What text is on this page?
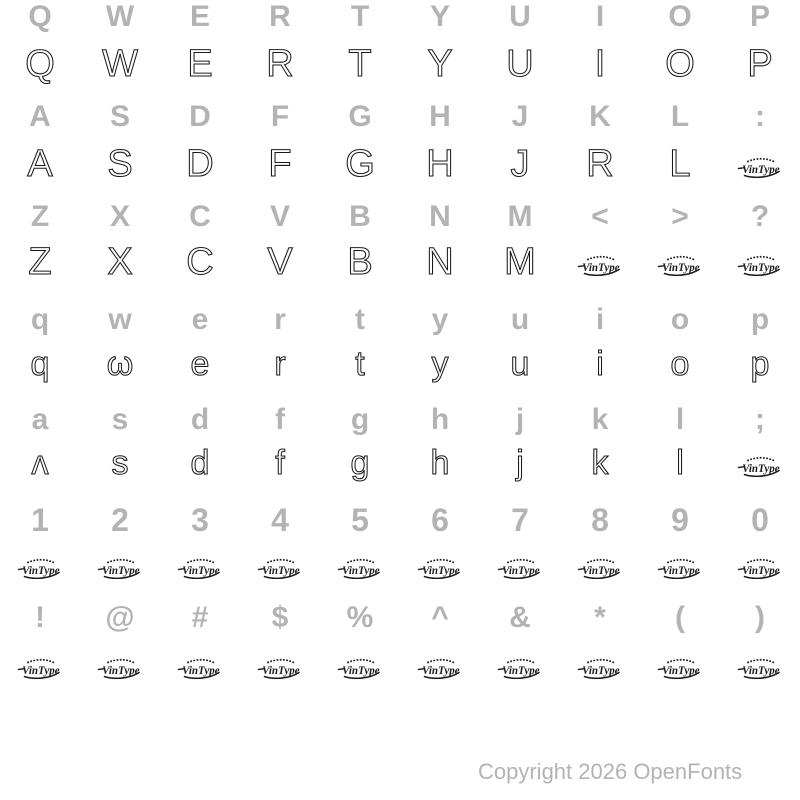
Q	W	E	R	T	Y	U	I	O	P
Q	W	E	R	T	Y	U	I	O	P
A	S	D	F	G	H	J	K	L	:
A	S	D	F	G	H	J	R	L
Z	X	C	V	B	N	M	<	>	?
Z	X	C	V	B	N	M
q	w	e	r	t	y	u	i	o	p
q	ω	e	r	t	y	u	i	o	p
a	s	d	f	g	h	j	k	l	;
ʌ	s	d	f	g	h	j	k	l
1	2	3	4	5	6	7	8	9	0
!	@	#	$	%	^	&	*	(	)
Copyright 2026 OpenFonts
